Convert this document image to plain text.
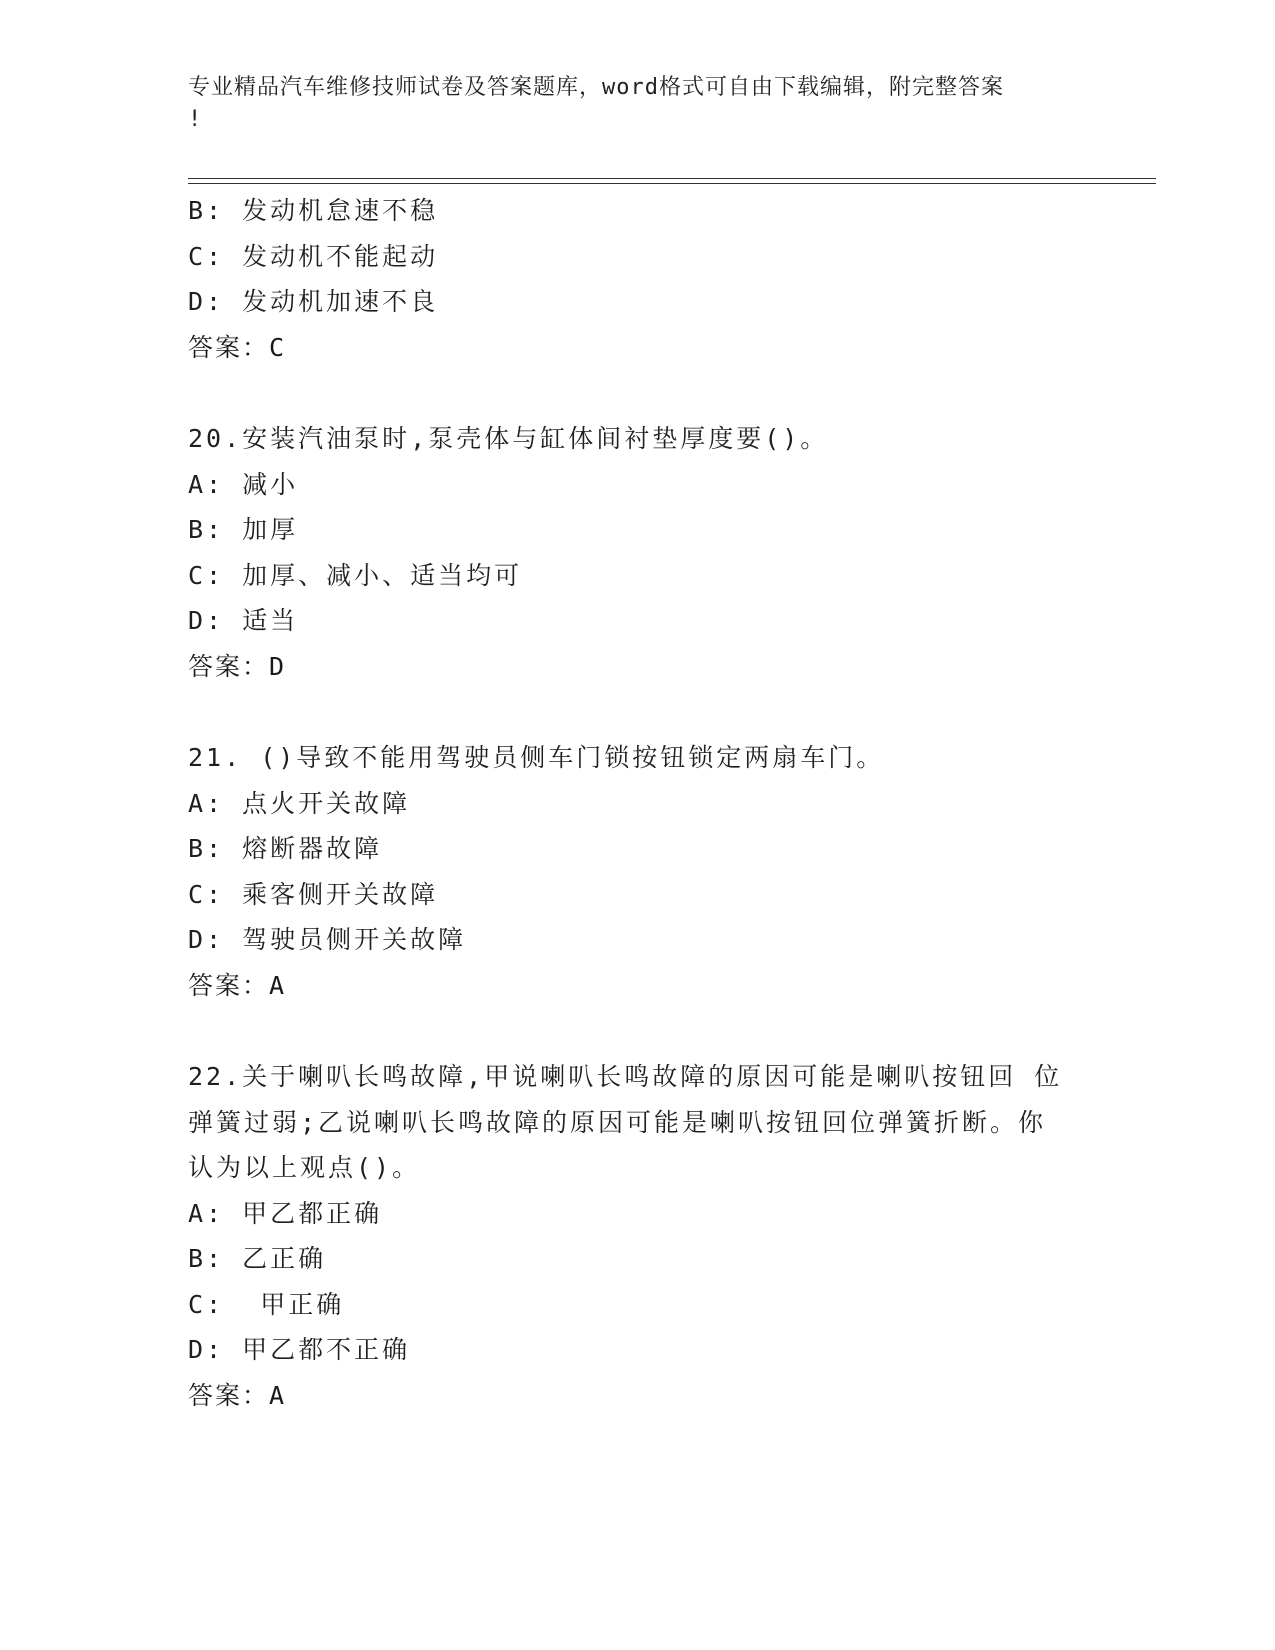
专业精品汽车维修技师试卷及答案题库，word格式可自由下载编辑，附完整答案
!
B: 发动机怠速不稳
C: 发动机不能起动
D: 发动机加速不良
答案：C
20.安装汽油泵时,泵壳体与缸体间衬垫厚度要()。
A: 减小
B: 加厚
C: 加厚、减小、适当均可
D: 适当
答案：D
21. ()导致不能用驾驶员侧车门锁按钮锁定两扇车门。
A: 点火开关故障
B: 熔断器故障
C: 乘客侧开关故障
D: 驾驶员侧开关故障
答案：A
22.关于喇叭长鸣故障,甲说喇叭长鸣故障的原因可能是喇叭按钮回 位
弹簧过弱;乙说喇叭长鸣故障的原因可能是喇叭按钮回位弹簧折断。你
认为以上观点()。
A: 甲乙都正确
B: 乙正确
C:  甲正确
D: 甲乙都不正确
答案：A
